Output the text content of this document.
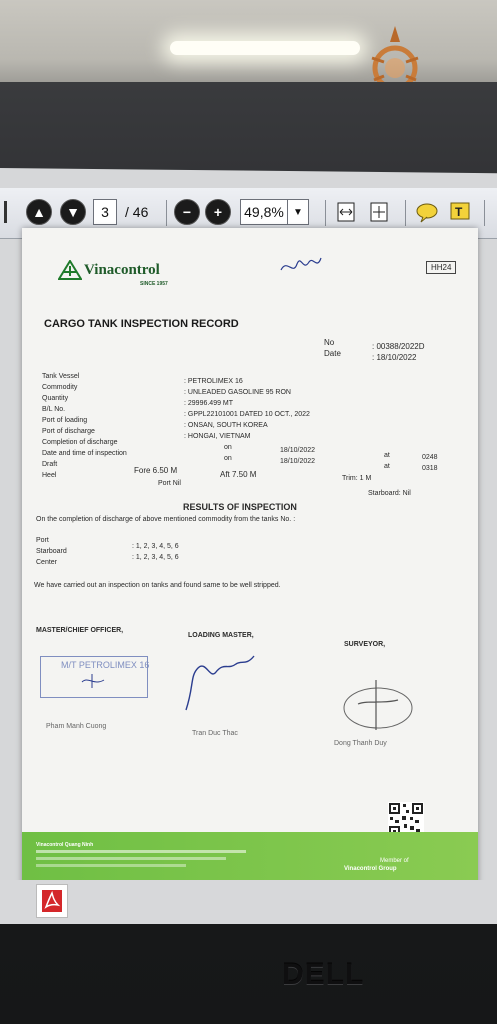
▲	▼	3	/ 46	−	+	49,8% ▼	T
Vinacontrol
SINCE 1957
HH24
CARGO TANK INSPECTION RECORD
No	: 00388/2022D
Date	: 18/10/2022
Tank Vessel
: PETROLIMEX 16
Commodity
: UNLEADED GASOLINE 95 RON
Quantity
: 29996.499 MT
B/L No.
: GPPL22101001 DATED 10 OCT., 2022
Port of loading
: ONSAN, SOUTH KOREA
Port of discharge
: HONGAI, VIETNAM
Completion of discharge
on	18/10/2022
at	0248
Date and time of inspection
on	18/10/2022
at	0318
Draft
Fore 6.50 M	Aft 7.50 M	Trim: 1 M
Heel
Port Nil
Starboard: Nil
RESULTS OF INSPECTION
On the completion of discharge of above mentioned commodity from the tanks No. :
Port
: 1, 2, 3, 4, 5, 6
Starboard
: 1, 2, 3, 4, 5, 6
Center
We have carried out an inspection on tanks and found same to be well stripped.
MASTER/CHIEF OFFICER,
LOADING MASTER,
SURVEYOR,
M/T PETROLIMEX 16
Pham Manh Cuong
Tran Duc Thac
Dong Thanh Duy
Vinacontrol Quang Ninh
Member of
Vinacontrol Group
DELL
